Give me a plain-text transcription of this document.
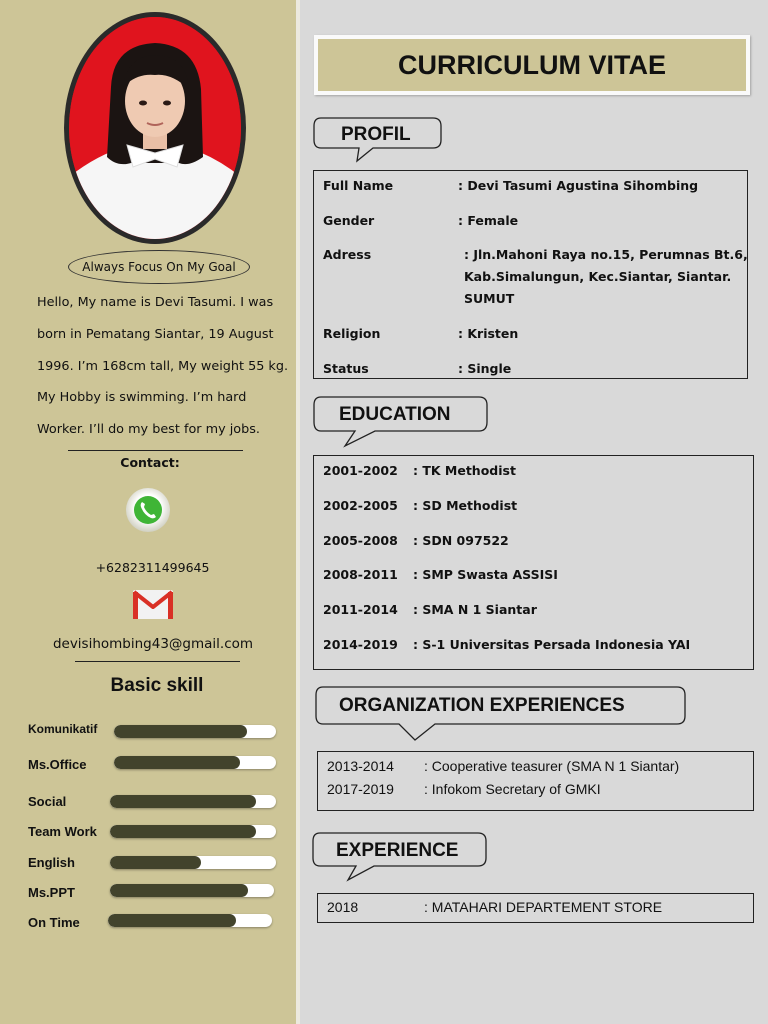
Always Focus On My Goal
Hello, My name is Devi Tasumi. I was
born in Pematang Siantar, 19 August
1996. I’m 168cm tall, My weight 55 kg.
My Hobby is swimming. I’m hard
Worker. I’ll do my best for my jobs.
Contact:
+6282311499645
devisihombing43@gmail.com
Basic skill
Komunikatif
Ms.Office
Social
Team Work
English
Ms.PPT
On Time
CURRICULUM VITAE
PROFIL
Full Name	: Devi Tasumi Agustina Sihombing
Gender	: Female
Adress	: Jln.Mahoni Raya no.15, Perumnas Bt.6,
Kab.Simalungun, Kec.Siantar, Siantar.
SUMUT
Religion	: Kristen
Status	: Single
EDUCATION
2001-2002 : TK Methodist
2002-2005 : SD Methodist
2005-2008 : SDN 097522
2008-2011 : SMP Swasta ASSISI
2011-2014 : SMA N 1 Siantar
2014-2019 : S-1 Universitas Persada Indonesia YAI
ORGANIZATION EXPERIENCES
2013-2014 : Cooperative teasurer (SMA N 1 Siantar)
2017-2019 : Infokom Secretary of GMKI
EXPERIENCE
2018	: MATAHARI DEPARTEMENT STORE
